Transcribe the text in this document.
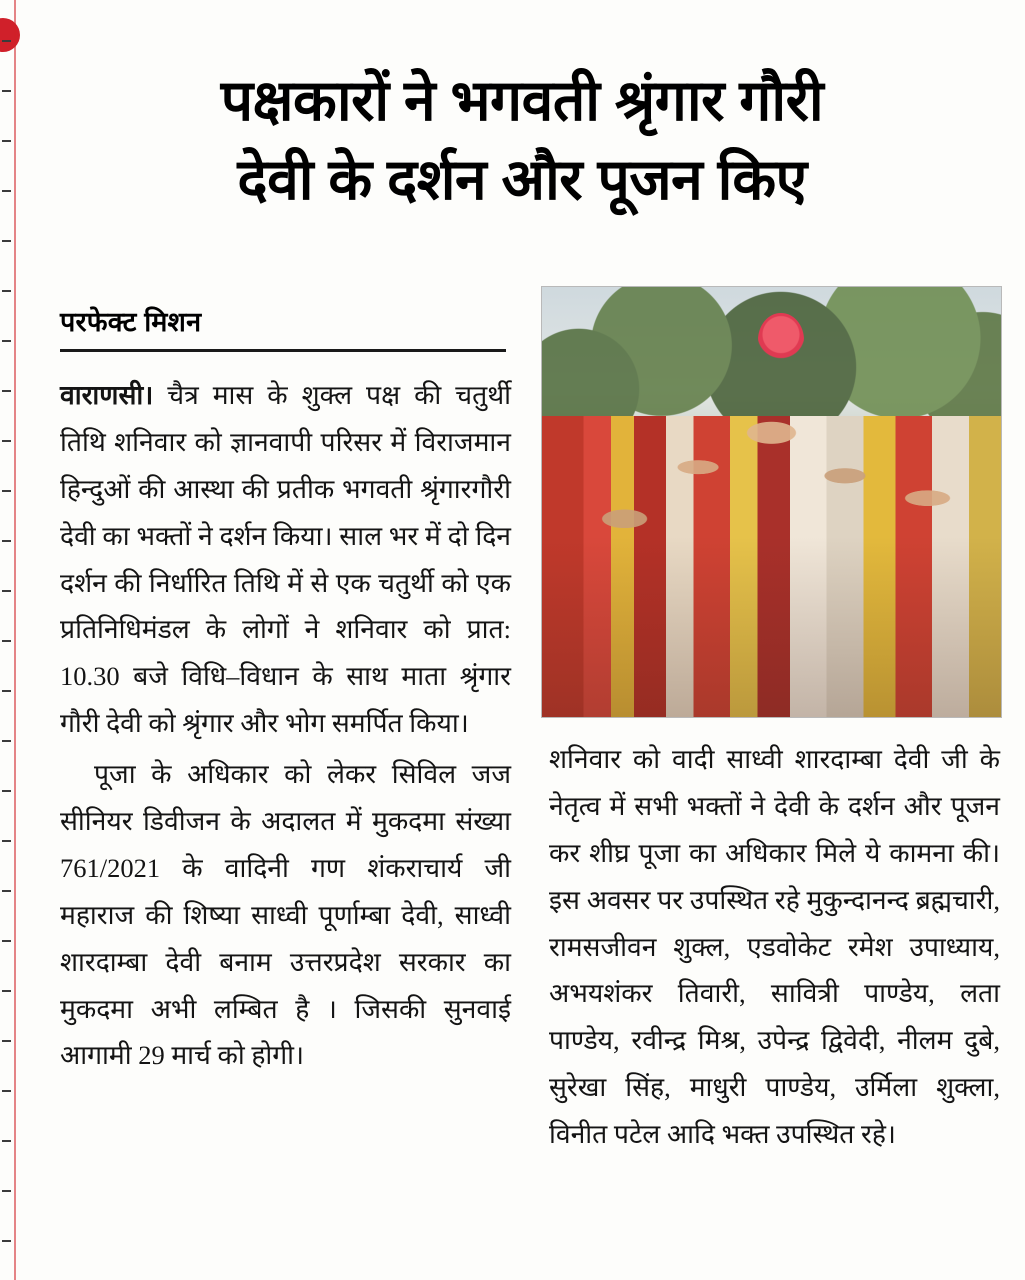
पक्षकारों ने भगवती श्रृंगार गौरी
देवी के दर्शन और पूजन किए
परफेक्ट मिशन

वाराणसी। चैत्र मास के शुक्ल पक्ष की चतुर्थी तिथि शनिवार को ज्ञानवापी परिसर में विराजमान हिन्दुओं की आस्था की प्रतीक भगवती श्रृंगारगौरी देवी का भक्तों ने दर्शन किया। साल भर में दो दिन दर्शन की निर्धारित तिथि में से एक चतुर्थी को एक प्रतिनिधिमंडल के लोगों ने शनिवार को प्रात: 10.30 बजे विधि–विधान के साथ माता श्रृंगार गौरी देवी को श्रृंगार और भोग समर्पित किया।

पूजा के अधिकार को लेकर सिविल जज सीनियर डिवीजन के अदालत में मुकदमा संख्या 761/2021 के वादिनी गण शंकराचार्य जी महाराज की शिष्या साध्वी पूर्णाम्बा देवी, साध्वी शारदाम्बा देवी बनाम उत्तरप्रदेश सरकार का मुकदमा अभी लम्बित है । जिसकी सुनवाई आगामी 29 मार्च को होगी।

शनिवार को वादी साध्वी शारदाम्बा देवी जी के नेतृत्व में सभी भक्तों ने देवी के दर्शन और पूजन कर शीघ्र पूजा का अधिकार मिले ये कामना की। इस अवसर पर उपस्थित रहे मुकुन्दानन्द ब्रह्मचारी, रामसजीवन शुक्ल, एडवोकेट रमेश उपाध्याय, अभयशंकर तिवारी, सावित्री पाण्डेय, लता पाण्डेय, रवीन्द्र मिश्र, उपेन्द्र द्विवेदी, नीलम दुबे, सुरेखा सिंह, माधुरी पाण्डेय, उर्मिला शुक्ला, विनीत पटेल आदि भक्त उपस्थित रहे।
